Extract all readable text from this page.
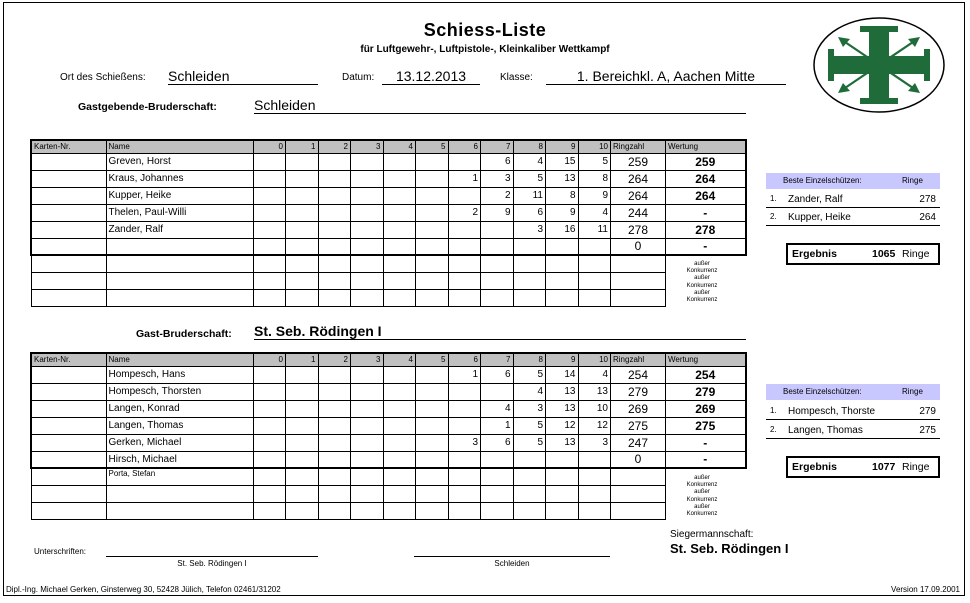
Schiess-Liste
für Luftgewehr-, Luftpistole-, Kleinkaliber Wettkampf
Ort des Schießens: Schleiden	Datum:	13.12.2013	Klasse:	1. Bereichkl. A, Aachen Mitte
Gastgebende-Bruderschaft:	Schleiden
Karten-Nr.	Name	0	1	2	3	4	5	6	7	8	9	10	Ringzahl	Wertung
	Greven, Horst								6	4	15	5	259	259
	Kraus, Johannes							1	3	5	13	8	264	264
	Kupper, Heike								2	11	8	9	264	264
	Thelen, Paul-Willi							2	9	6	9	4	244	-
	Zander, Ralf									3	16	11	278	278
													0	-

Gast-Bruderschaft: St. Seb. Rödingen I
Karten-Nr.	Name	0	1	2	3	4	5	6	7	8	9	10	Ringzahl	Wertung
	Hompesch, Hans							1	6	5	14	4	254	254
	Hompesch, Thorsten									4	13	13	279	279
	Langen, Konrad								4	3	13	10	269	269
	Langen, Thomas								1	5	12	12	275	275
	Gerken, Michael							3	6	5	13	3	247	-
	Hirsch, Michael												0	-
	Porta, Stefan													

außer
Konkurrenz
außer
Konkurrenz
außer
Konkurrenz
außer
Konkurrenz
außer
Konkurrenz
außer
Konkurrenz
Beste Einzelschützen:	Ringe
1. Zander, Ralf	278
2. Kupper, Heike	264
Ergebnis	1065 Ringe
Beste Einzelschützen:	Ringe
1. Hompesch, Thorste	279
2. Langen, Thomas	275
Ergebnis	1077 Ringe
Siegermannschaft:
St. Seb. Rödingen I
Unterschriften:
St. Seb. Rödingen I	Schleiden
Dipl.-Ing. Michael Gerken, Ginsterweg 30, 52428 Jülich, Telefon 02461/31202	Version 17.09.2001
